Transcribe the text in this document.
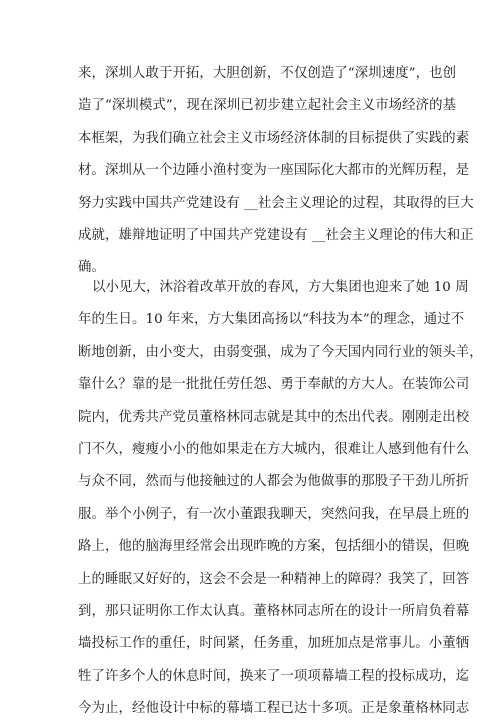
来，深圳人敢于开拓，大胆创新，不仅创造了“深圳速度”，也创
造了“深圳模式”，现在深圳已初步建立起社会主义市场经济的基
本框架，为我们确立社会主义市场经济体制的目标提供了实践的素
材。深圳从一个边陲小渔村变为一座国际化大都市的光辉历程，是
努力实践中国共产党建设有 __社会主义理论的过程，其取得的巨大
成就，雄辩地证明了中国共产党建设有 __社会主义理论的伟大和正
确。
以小见大，沐浴着改革开放的春风，方大集团也迎来了她 10 周
年的生日。10 年来，方大集团高扬以“科技为本”的理念，通过不
断地创新，由小变大，由弱变强，成为了今天国内同行业的领头羊，
靠什么？靠的是一批批任劳任怨、勇于奉献的方大人。在装饰公司
院内，优秀共产党员董格林同志就是其中的杰出代表。刚刚走出校
门不久，瘦瘦小小的他如果走在方大城内，很难让人感到他有什么
与众不同，然而与他接触过的人都会为他做事的那股子干劲儿所折
服。举个小例子，有一次小董跟我聊天，突然问我，在早晨上班的
路上，他的脑海里经常会出现昨晚的方案，包括细小的错误，但晚
上的睡眠又好好的，这会不会是一种精神上的障碍？我笑了，回答
到，那只证明你工作太认真。董格林同志所在的设计一所肩负着幕
墙投标工作的重任，时间紧，任务重，加班加点是常事儿。小董牺
牲了许多个人的休息时间，换来了一项项幕墙工程的投标成功，迄
今为止，经他设计中标的幕墙工程已达十多项。正是象董格林同志
